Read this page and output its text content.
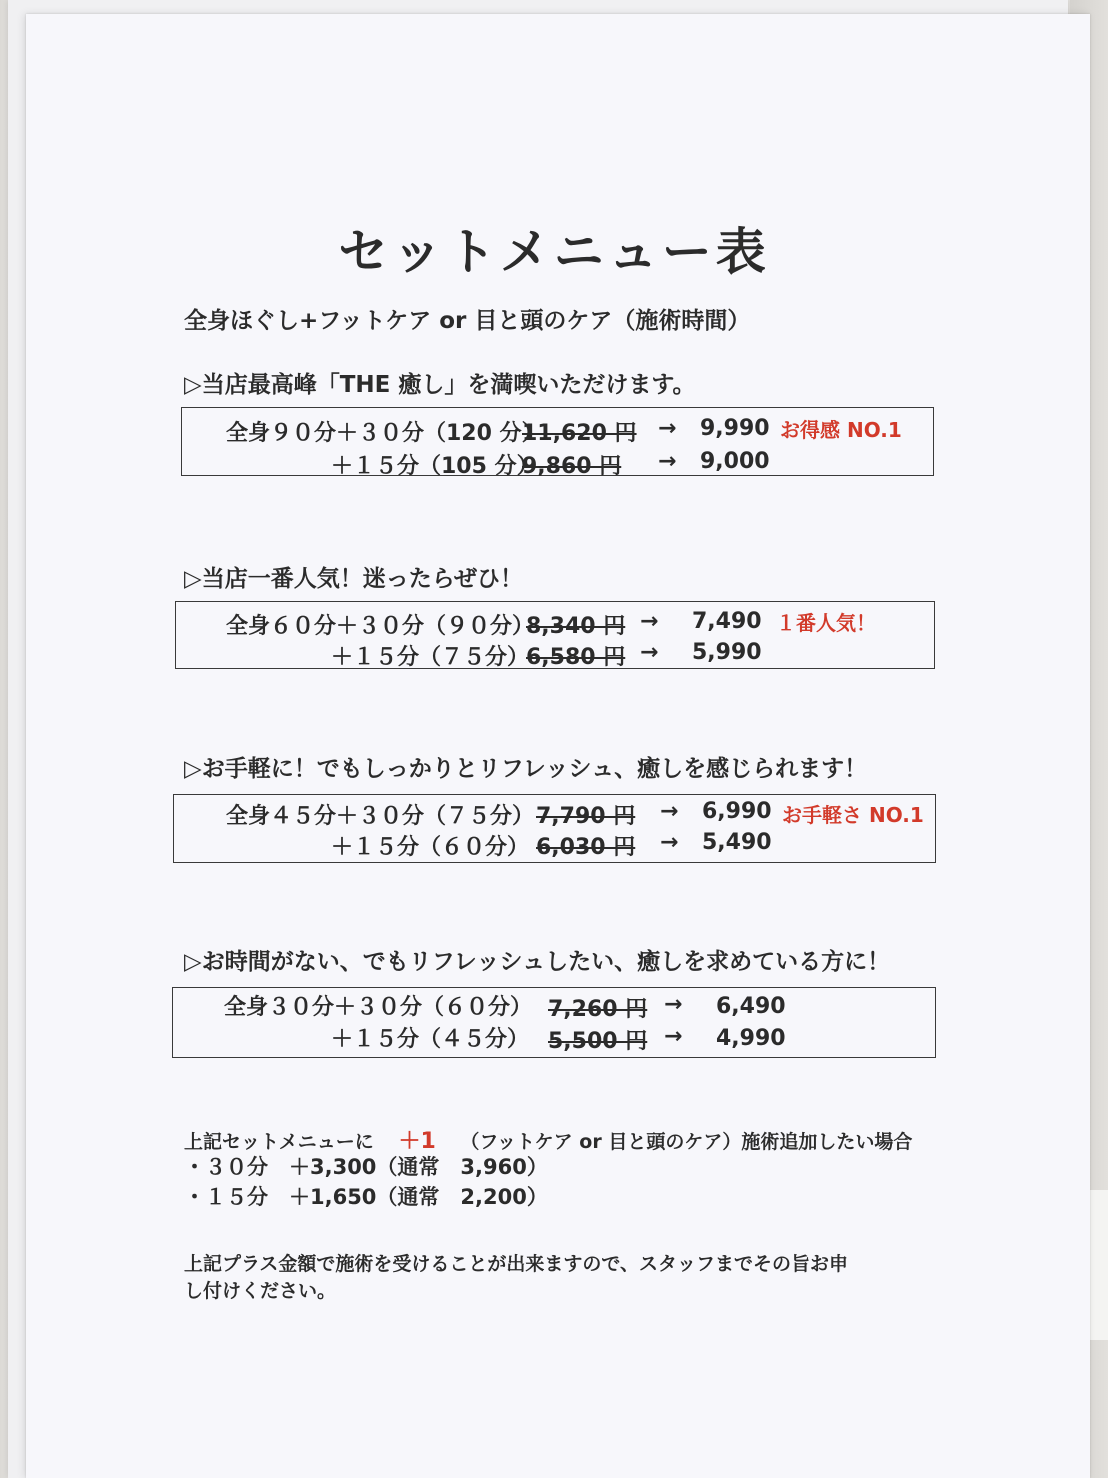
セットメニュー表
全身ほぐし+フットケア or 目と頭のケア（施術時間）
▷当店最高峰「THE 癒し」を満喫いただけます。
全身９０分＋３０分（120 分）
11,620 円 → 9,990 お得感 NO.1
＋１５分（105 分）
9,860 円 → 9,000
▷当店一番人気！迷ったらぜひ！
全身６０分＋３０分（９０分）
8,340 円 → 7,490 １番人気！
＋１５分（７５分）
6,580 円 → 5,990
▷お手軽に！でもしっかりとリフレッシュ、癒しを感じられます！
全身４５分＋３０分（７５分） 7,790 円 → 6,990 お手軽さ NO.1
＋１５分（６０分） 6,030 円 → 5,490
▷お時間がない、でもリフレッシュしたい、癒しを求めている方に！
全身３０分＋３０分（６０分） 7,260 円 → 6,490
＋１５分（４５分） 5,500 円 → 4,990
上記セットメニューに ＋1 （フットケア or 目と頭のケア）施術追加したい場合
・３０分　＋3,300（通常　3,960）
・１５分　＋1,650（通常　2,200）
上記プラス金額で施術を受けることが出来ますので、スタッフまでその旨お申
し付けください。
